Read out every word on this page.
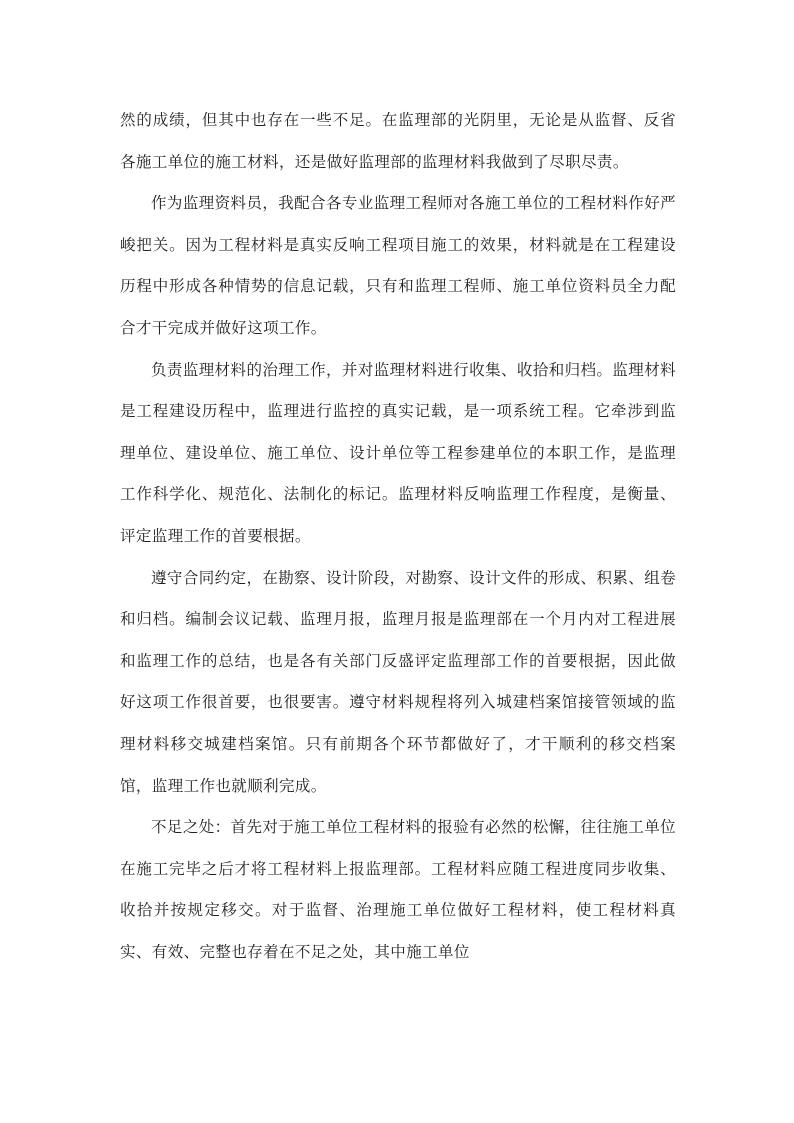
然的成绩，但其中也存在一些不足。在监理部的光阴里，无论是从监督、反省各施工单位的施工材料，还是做好监理部的监理材料我做到了尽职尽责。

作为监理资料员，我配合各专业监理工程师对各施工单位的工程材料作好严峻把关。因为工程材料是真实反响工程项目施工的效果，材料就是在工程建设历程中形成各种情势的信息记载，只有和监理工程师、施工单位资料员全力配合才干完成并做好这项工作。

负责监理材料的治理工作，并对监理材料进行收集、收拾和归档。监理材料是工程建设历程中，监理进行监控的真实记载，是一项系统工程。它牵涉到监理单位、建设单位、施工单位、设计单位等工程参建单位的本职工作，是监理工作科学化、规范化、法制化的标记。监理材料反响监理工作程度，是衡量、评定监理工作的首要根据。

遵守合同约定，在勘察、设计阶段，对勘察、设计文件的形成、积累、组卷和归档。编制会议记载、监理月报，监理月报是监理部在一个月内对工程进展和监理工作的总结，也是各有关部门反盛评定监理部工作的首要根据，因此做好这项工作很首要，也很要害。遵守材料规程将列入城建档案馆接管领域的监理材料移交城建档案馆。只有前期各个环节都做好了，才干顺利的移交档案馆，监理工作也就顺利完成。

不足之处：首先对于施工单位工程材料的报验有必然的松懈，往往施工单位在施工完毕之后才将工程材料上报监理部。工程材料应随工程进度同步收集、收拾并按规定移交。对于监督、治理施工单位做好工程材料，使工程材料真实、有效、完整也存着在不足之处，其中施工单位
